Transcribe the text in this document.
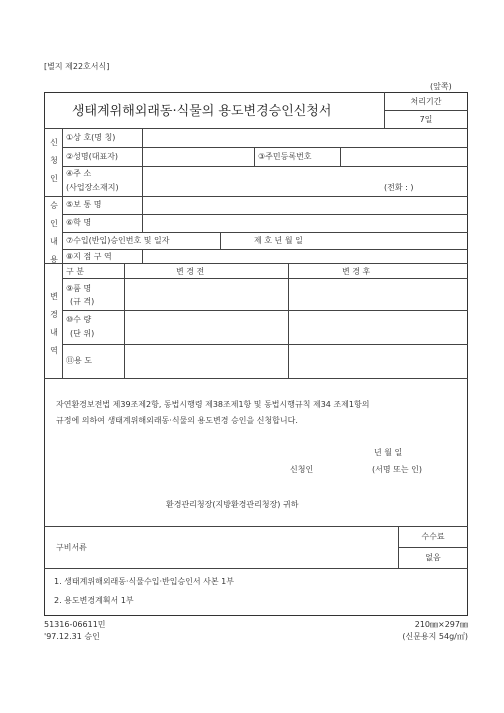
[별지 제22호서식]
(앞쪽)
생태계위해외래동·식물의 용도변경승인신청서
처리기간
7일
신
청
인
①상 호(명 칭)
②성명(대표자)	③주민등록번호
④주 소
(사업장소재지)	(전화 : )
승
인
내
용
⑤보 통 명
⑥학 명
⑦수입(반입)승인번호 및 일자	제 호 년 월 일
⑧지 점 구 역
변
경
내
역
구 분	변 경 전	변 경 후
⑨품 명
(규 격)
⑩수 량
(단 위)
⑪용 도
자연환경보전법 제39조제2항, 동법시행령 제38조제1항 및 동법시행규칙 제34 조제1항의
규정에 의하여 생태계위해외래동·식물의 용도변경 승인을 신청합니다.
년 월 일
신청인	(서명 또는 인)
환경관리청장(지방환경관리청장) 귀하
구비서류
수수료
없음
1. 생태계위해외래동·식물수입·반입승인서 사본 1부
2. 용도변경계획서 1부
51316-06611민
'97.12.31 승인
210㎜×297㎜
(신문용지 54g/㎡)
